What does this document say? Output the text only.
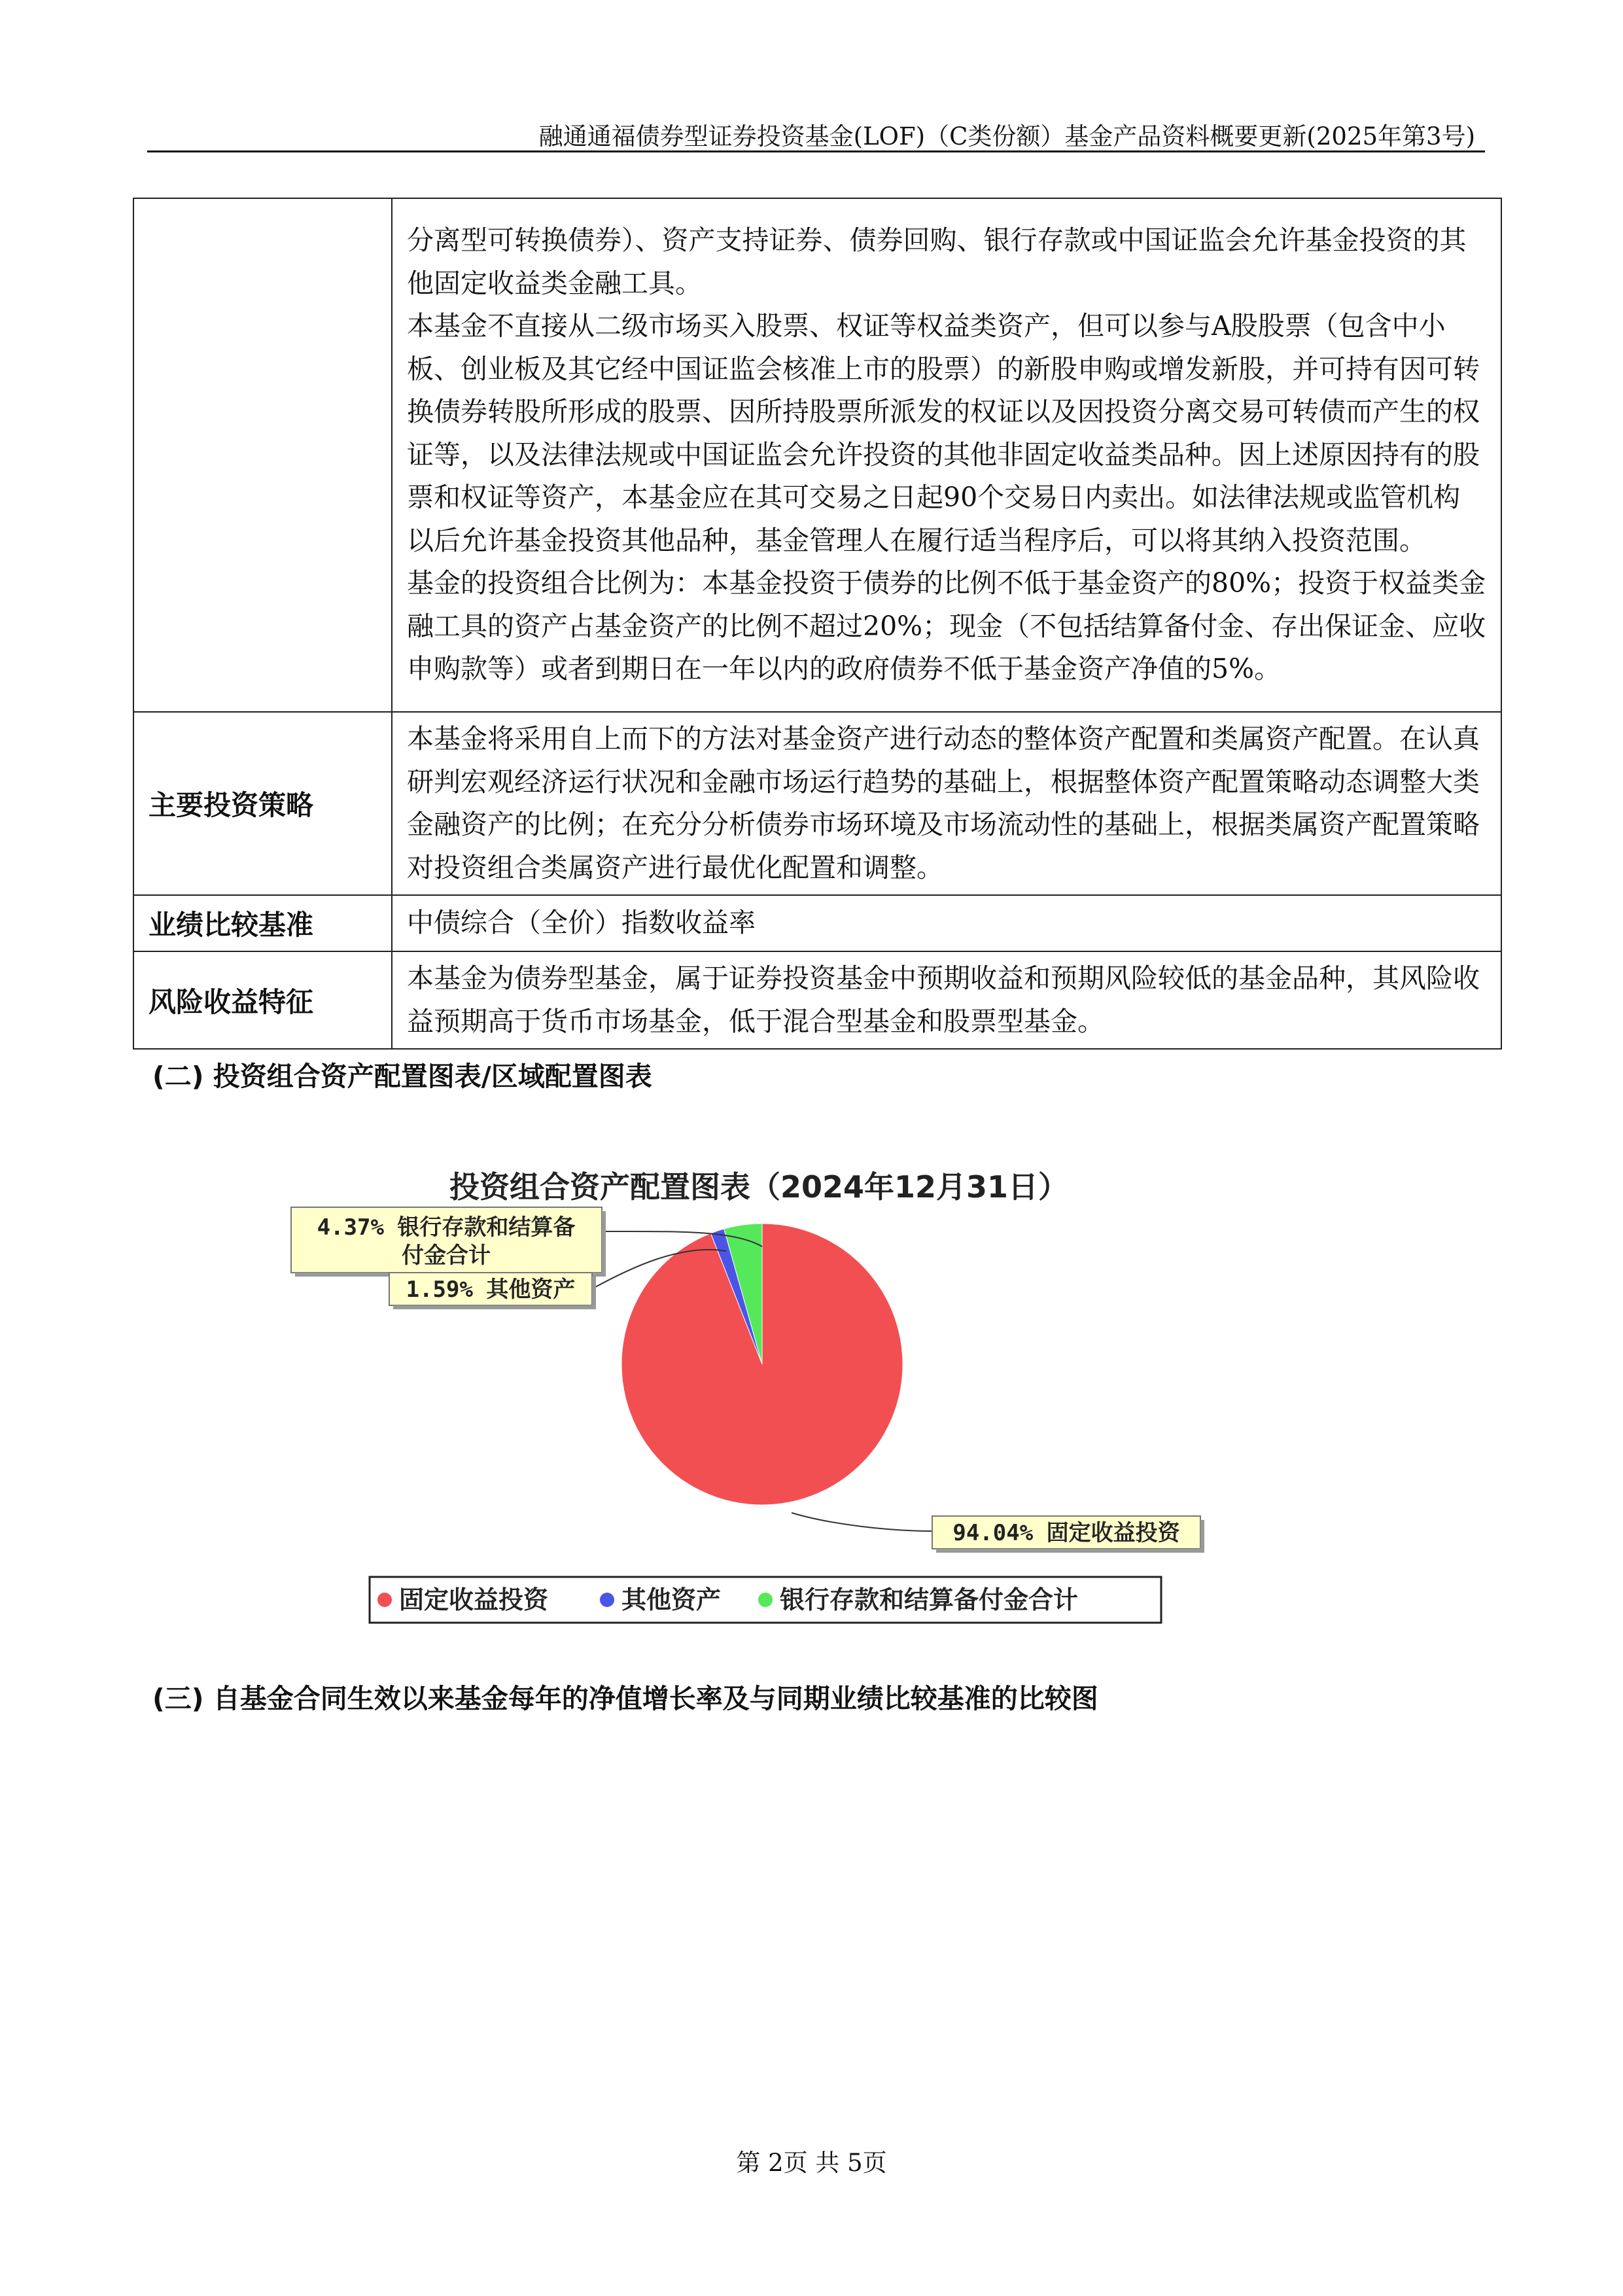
融通通福债券型证券投资基金(LOF)（C类份额）基金产品资料概要更新(2025年第3号)

	分离型可转换债券）、资产支持证券、债券回购、银行存款或中国证监会允许基金投资的其他固定收益类金融工具。

本基金不直接从二级市场买入股票、权证等权益类资产，但可以参与A股股票（包含中小板、创业板及其它经中国证监会核准上市的股票）的新股申购或增发新股，并可持有因可转换债券转股所形成的股票、因所持股票所派发的权证以及因投资分离交易可转债而产生的权证等，以及法律法规或中国证监会允许投资的其他非固定收益类品种。因上述原因持有的股票和权证等资产，本基金应在其可交易之日起90个交易日内卖出。如法律法规或监管机构以后允许基金投资其他品种，基金管理人在履行适当程序后，可以将其纳入投资范围。

基金的投资组合比例为：本基金投资于债券的比例不低于基金资产的80%；投资于权益类金融工具的资产占基金资产的比例不超过20%；现金（不包括结算备付金、存出保证金、应收申购款等）或者到期日在一年以内的政府债券不低于基金资产净值的5%。

主要投资策略	本基金将采用自上而下的方法对基金资产进行动态的整体资产配置和类属资产配置。在认真研判宏观经济运行状况和金融市场运行趋势的基础上，根据整体资产配置策略动态调整大类金融资产的比例；在充分分析债券市场环境及市场流动性的基础上，根据类属资产配置策略对投资组合类属资产进行最优化配置和调整。
业绩比较基准	中债综合（全价）指数收益率
风险收益特征	本基金为债券型基金，属于证券投资基金中预期收益和预期风险较低的基金品种，其风险收益预期高于货币市场基金，低于混合型基金和股票型基金。
(二) 投资组合资产配置图表/区域配置图表
投资组合资产配置图表（2024年12月31日）
4.37% 银行存款和结算备
付金合计
1.59% 其他资产
94.04% 固定收益投资
固定收益投资	其他资产 银行存款和结算备付金合计
(三) 自基金合同生效以来基金每年的净值增长率及与同期业绩比较基准的比较图
第 2页 共 5页
